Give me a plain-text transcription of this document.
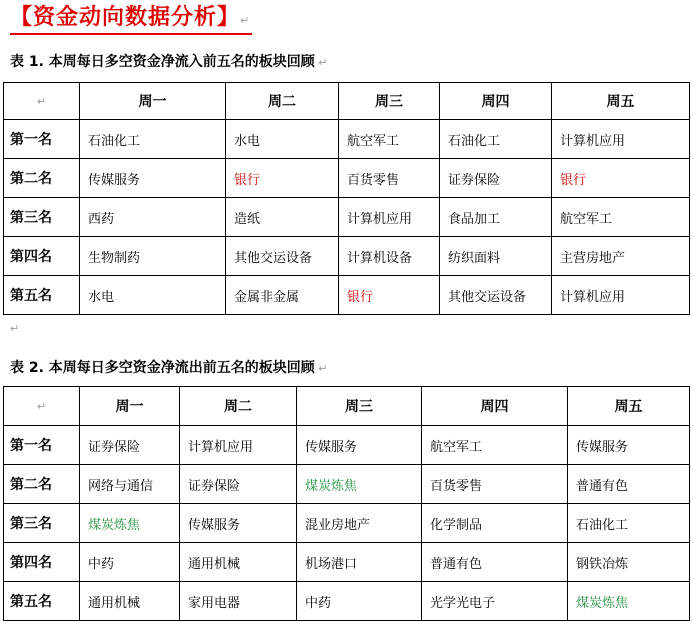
【资金动向数据分析】↵
表 1. 本周每日多空资金净流入前五名的板块回顾 ↵
↵	周一	周二	周三	周四	周五
第一名	石油化工	水电	航空军工	石油化工	计算机应用
第二名	传媒服务	银行	百货零售	证券保险	银行
第三名	西药	造纸	计算机应用	食品加工	航空军工
第四名	生物制药	其他交运设备	计算机设备	纺织面料	主营房地产
第五名	水电	金属非金属	银行	其他交运设备	计算机应用
↵
表 2. 本周每日多空资金净流出前五名的板块回顾 ↵
↵	周一	周二	周三	周四	周五
第一名	证券保险	计算机应用	传媒服务	航空军工	传媒服务
第二名	网络与通信	证券保险	煤炭炼焦	百货零售	普通有色
第三名	煤炭炼焦	传媒服务	混业房地产	化学制品	石油化工
第四名	中药	通用机械	机场港口	普通有色	钢铁冶炼
第五名	通用机械	家用电器	中药	光学光电子	煤炭炼焦
